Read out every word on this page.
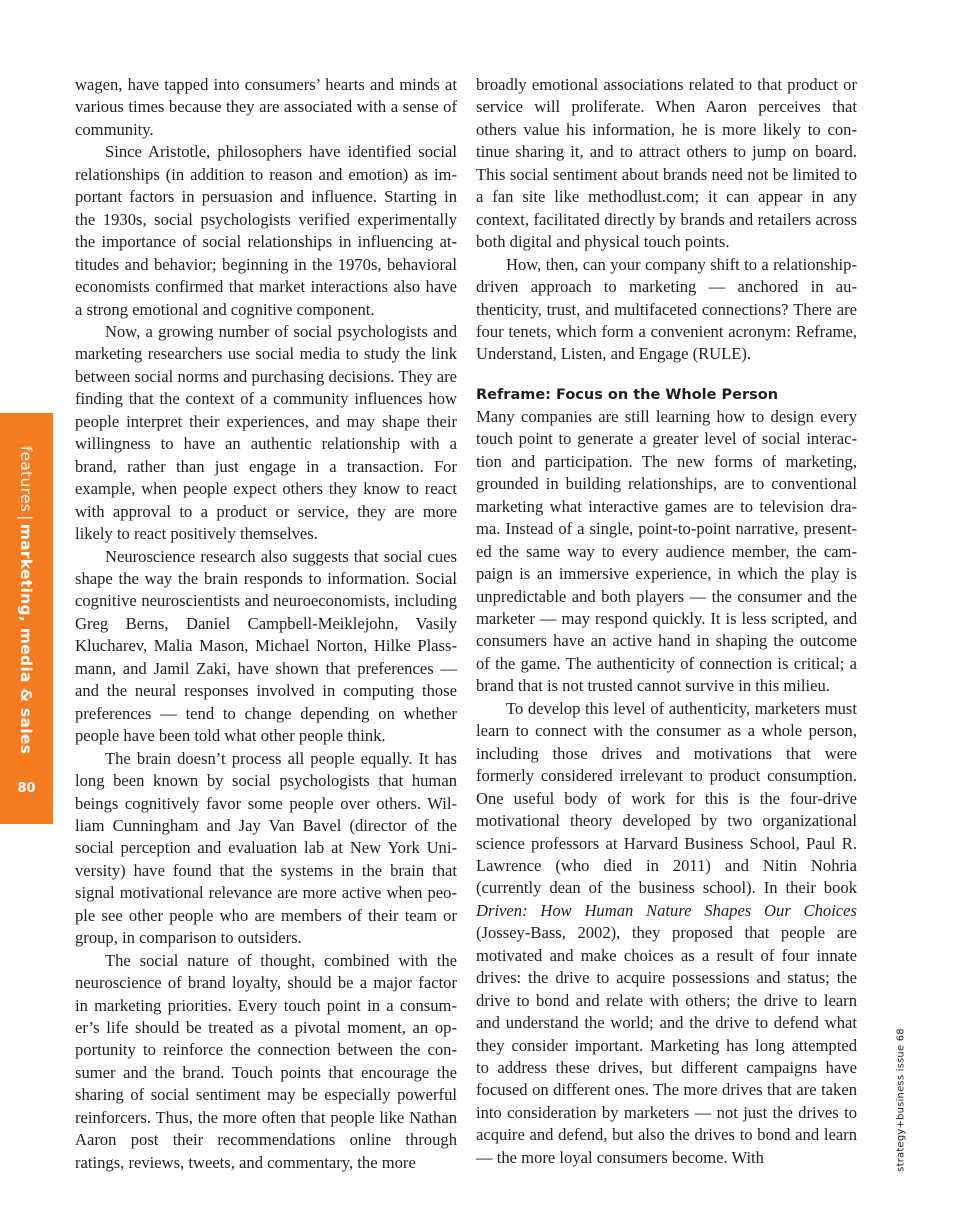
features|marketing, media & sales
80

wagen, have tapped into consumers’ hearts and minds at various times because they are associated with a sense of community.

Since Aristotle, philosophers have identified social relationships (in addition to reason and emotion) as important factors in persuasion and influence. Starting in the 1930s, social psychologists verified experimentally the importance of social relationships in influencing attitudes and behavior; beginning in the 1970s, behavioral economists confirmed that market interactions also have a strong emotional and cognitive component.

Now, a growing number of social psychologists and marketing researchers use social media to study the link between social norms and purchasing decisions. They are finding that the context of a community influences how people interpret their experiences, and may shape their willingness to have an authentic relationship with a brand, rather than just engage in a transaction. For example, when people expect others they know to react with approval to a product or service, they are more likely to react positively themselves.

Neuroscience research also suggests that social cues shape the way the brain responds to information. Social cognitive neuroscientists and neuroeconomists, including Greg Berns, Daniel Campbell-Meiklejohn, Vasily Klucharev, Malia Mason, Michael Norton, Hilke Plassmann, and Jamil Zaki, have shown that preferences — and the neural responses involved in computing those preferences — tend to change depending on whether people have been told what other people think.

The brain doesn’t process all people equally. It has long been known by social psychologists that human beings cognitively favor some people over others. William Cunningham and Jay Van Bavel (director of the social perception and evaluation lab at New York University) have found that the systems in the brain that signal motivational relevance are more active when people see other people who are members of their team or group, in comparison to outsiders.

The social nature of thought, combined with the neuroscience of brand loyalty, should be a major factor in marketing priorities. Every touch point in a consumer’s life should be treated as a pivotal moment, an opportunity to reinforce the connection between the consumer and the brand. Touch points that encourage the sharing of social sentiment may be especially powerful reinforcers. Thus, the more often that people like Nathan Aaron post their recommendations online through ratings, reviews, tweets, and commentary, the more

broadly emotional associations related to that product or service will proliferate. When Aaron perceives that others value his information, he is more likely to continue sharing it, and to attract others to jump on board. This social sentiment about brands need not be limited to a fan site like methodlust.com; it can appear in any context, facilitated directly by brands and retailers across both digital and physical touch points.

How, then, can your company shift to a relationship-driven approach to marketing — anchored in authenticity, trust, and multifaceted connections? There are four tenets, which form a convenient acronym: Reframe, Understand, Listen, and Engage (RULE).

Reframe: Focus on the Whole Person

Many companies are still learning how to design every touch point to generate a greater level of social interaction and participation. The new forms of marketing, grounded in building relationships, are to conventional marketing what interactive games are to television drama. Instead of a single, point-to-point narrative, presented the same way to every audience member, the campaign is an immersive experience, in which the play is unpredictable and both players — the consumer and the marketer — may respond quickly. It is less scripted, and consumers have an active hand in shaping the outcome of the game. The authenticity of connection is critical; a brand that is not trusted cannot survive in this milieu.

To develop this level of authenticity, marketers must learn to connect with the consumer as a whole person, including those drives and motivations that were formerly considered irrelevant to product consumption. One useful body of work for this is the four-drive motivational theory developed by two organizational science professors at Harvard Business School, Paul R. Lawrence (who died in 2011) and Nitin Nohria (currently dean of the business school). In their book Driven: How Human Nature Shapes Our Choices (Jossey-Bass, 2002), they proposed that people are motivated and make choices as a result of four innate drives: the drive to acquire possessions and status; the drive to bond and relate with others; the drive to learn and understand the world; and the drive to defend what they consider important. Marketing has long attempted to address these drives, but different campaigns have focused on different ones. The more drives that are taken into consideration by marketers — not just the drives to acquire and defend, but also the drives to bond and learn — the more loyal consumers become. With	strategy+business issue 68
